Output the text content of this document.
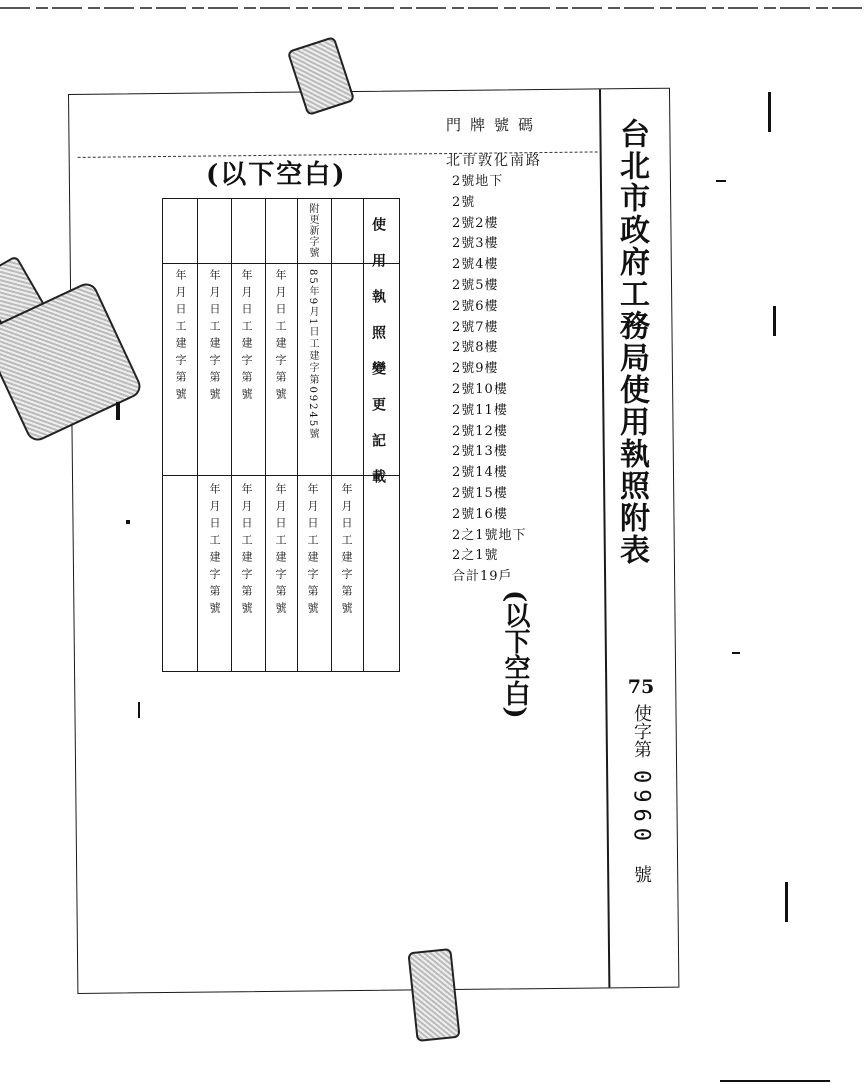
台北市政府工務局使用執照附表
75
使字第
0960
號
門牌號碼
北市敦化南路
2號地下
2號
2號2樓
2號3樓
2號4樓
2號5樓
2號6樓
2號7樓
2號8樓
2號9樓
2號10樓
2號11樓
2號12樓
2號13樓
2號14樓
2號15樓
2號16樓
2之1號地下
2之1號
合計19戶
(以下空白)
(以下空白)
使用執照變更記載
附更新字號
85年9月1日工建字第09245號
年月日工建字第號
年月日工建字第號
年月日工建字第號
年月日工建字第號
年月日工建字第號
年月日工建字第號
年月日工建字第號
年月日工建字第號
年月日工建字第號
